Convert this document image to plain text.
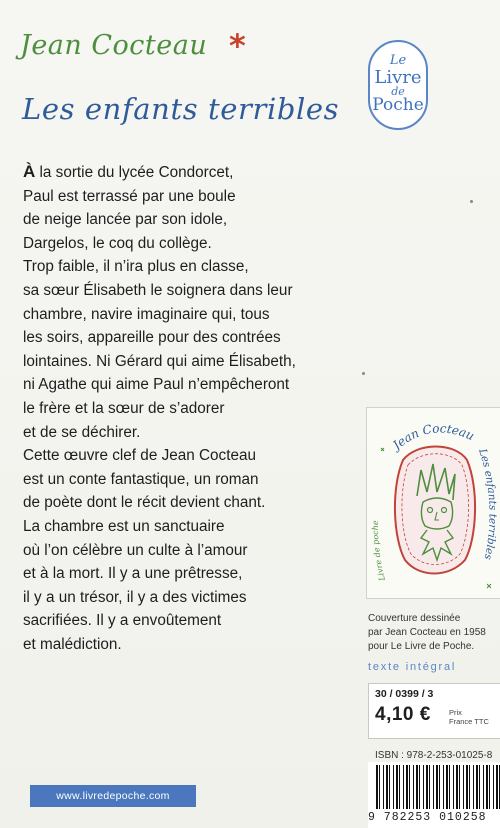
Jean Cocteau *
Les enfants terribles
Le
Livre
de
Poche

À la sortie du lycée Condorcet,

Paul est terrassé par une boule

de neige lancée par son idole,

Dargelos, le coq du collège.

Trop faible, il n’ira plus en classe,

sa sœur Élisabeth le soignera dans leur

chambre, navire imaginaire qui, tous

les soirs, appareille pour des contrées

lointaines. Ni Gérard qui aime Élisabeth,

ni Agathe qui aime Paul n’empêcheront

le frère et la sœur de s’adorer

et de se déchirer.

Cette œuvre clef de Jean Cocteau

est un conte fantastique, un roman

de poète dont le récit devient chant.

La chambre est un sanctuaire

où l’on célèbre un culte à l’amour

et à la mort. Il y a une prêtresse,

il y a un trésor, il y a des victimes

sacrifiées. Il y a envoûtement

et malédiction.

Jean Cocteau
Les enfants terribles
Livre de poche
Couverture dessinée
par Jean Cocteau en 1958
pour Le Livre de Poche.
texte intégral
30 / 0399 / 3
4,10 € Prix
France TTC
ISBN : 978-2-253-01025-8
9 782253 010258
www.livredepoche.com
